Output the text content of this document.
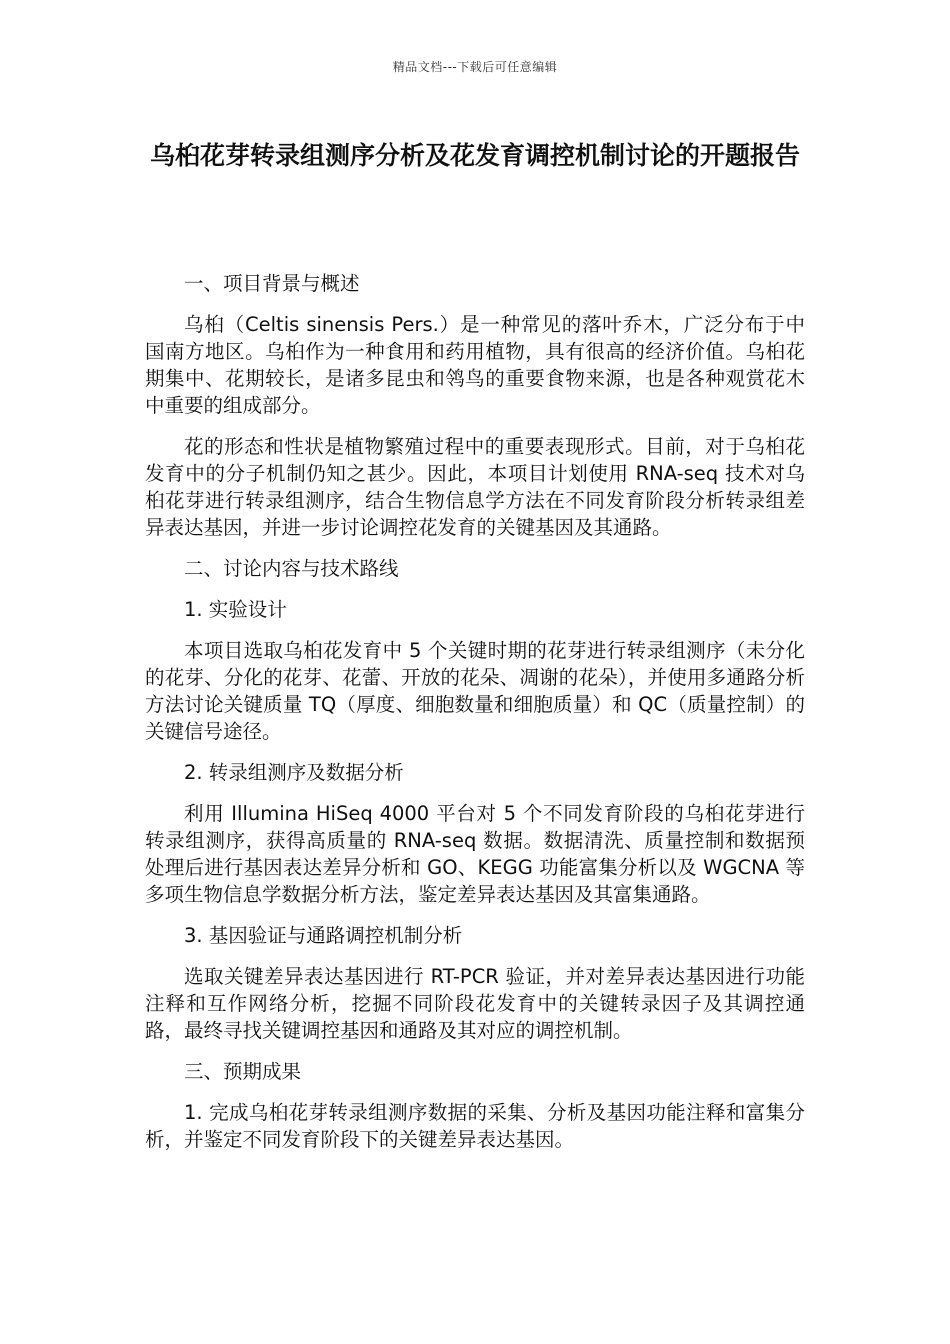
精品文档---下载后可任意编辑
乌桕花芽转录组测序分析及花发育调控机制讨论的开题报告

一、项目背景与概述

乌桕（Celtis sinensis Pers.）是一种常见的落叶乔木，广泛分布于中国南方地区。乌桕作为一种食用和药用植物，具有很高的经济价值。乌桕花期集中、花期较长，是诸多昆虫和鸰鸟的重要食物来源，也是各种观赏花木中重要的组成部分。

花的形态和性状是植物繁殖过程中的重要表现形式。目前，对于乌桕花发育中的分子机制仍知之甚少。因此，本项目计划使用 RNA-seq 技术对乌桕花芽进行转录组测序，结合生物信息学方法在不同发育阶段分析转录组差异表达基因，并进一步讨论调控花发育的关键基因及其通路。

二、讨论内容与技术路线

1. 实验设计

本项目选取乌桕花发育中 5 个关键时期的花芽进行转录组测序（未分化的花芽、分化的花芽、花蕾、开放的花朵、凋谢的花朵），并使用多通路分析方法讨论关键质量 TQ（厚度、细胞数量和细胞质量）和 QC（质量控制）的关键信号途径。

2. 转录组测序及数据分析

利用 Illumina HiSeq 4000 平台对 5 个不同发育阶段的乌桕花芽进行转录组测序，获得高质量的 RNA-seq 数据。数据清洗、质量控制和数据预处理后进行基因表达差异分析和 GO、KEGG 功能富集分析以及 WGCNA 等多项生物信息学数据分析方法，鉴定差异表达基因及其富集通路。

3. 基因验证与通路调控机制分析

选取关键差异表达基因进行 RT-PCR 验证，并对差异表达基因进行功能注释和互作网络分析，挖掘不同阶段花发育中的关键转录因子及其调控通路，最终寻找关键调控基因和通路及其对应的调控机制。

三、预期成果

1. 完成乌桕花芽转录组测序数据的采集、分析及基因功能注释和富集分析，并鉴定不同发育阶段下的关键差异表达基因。
